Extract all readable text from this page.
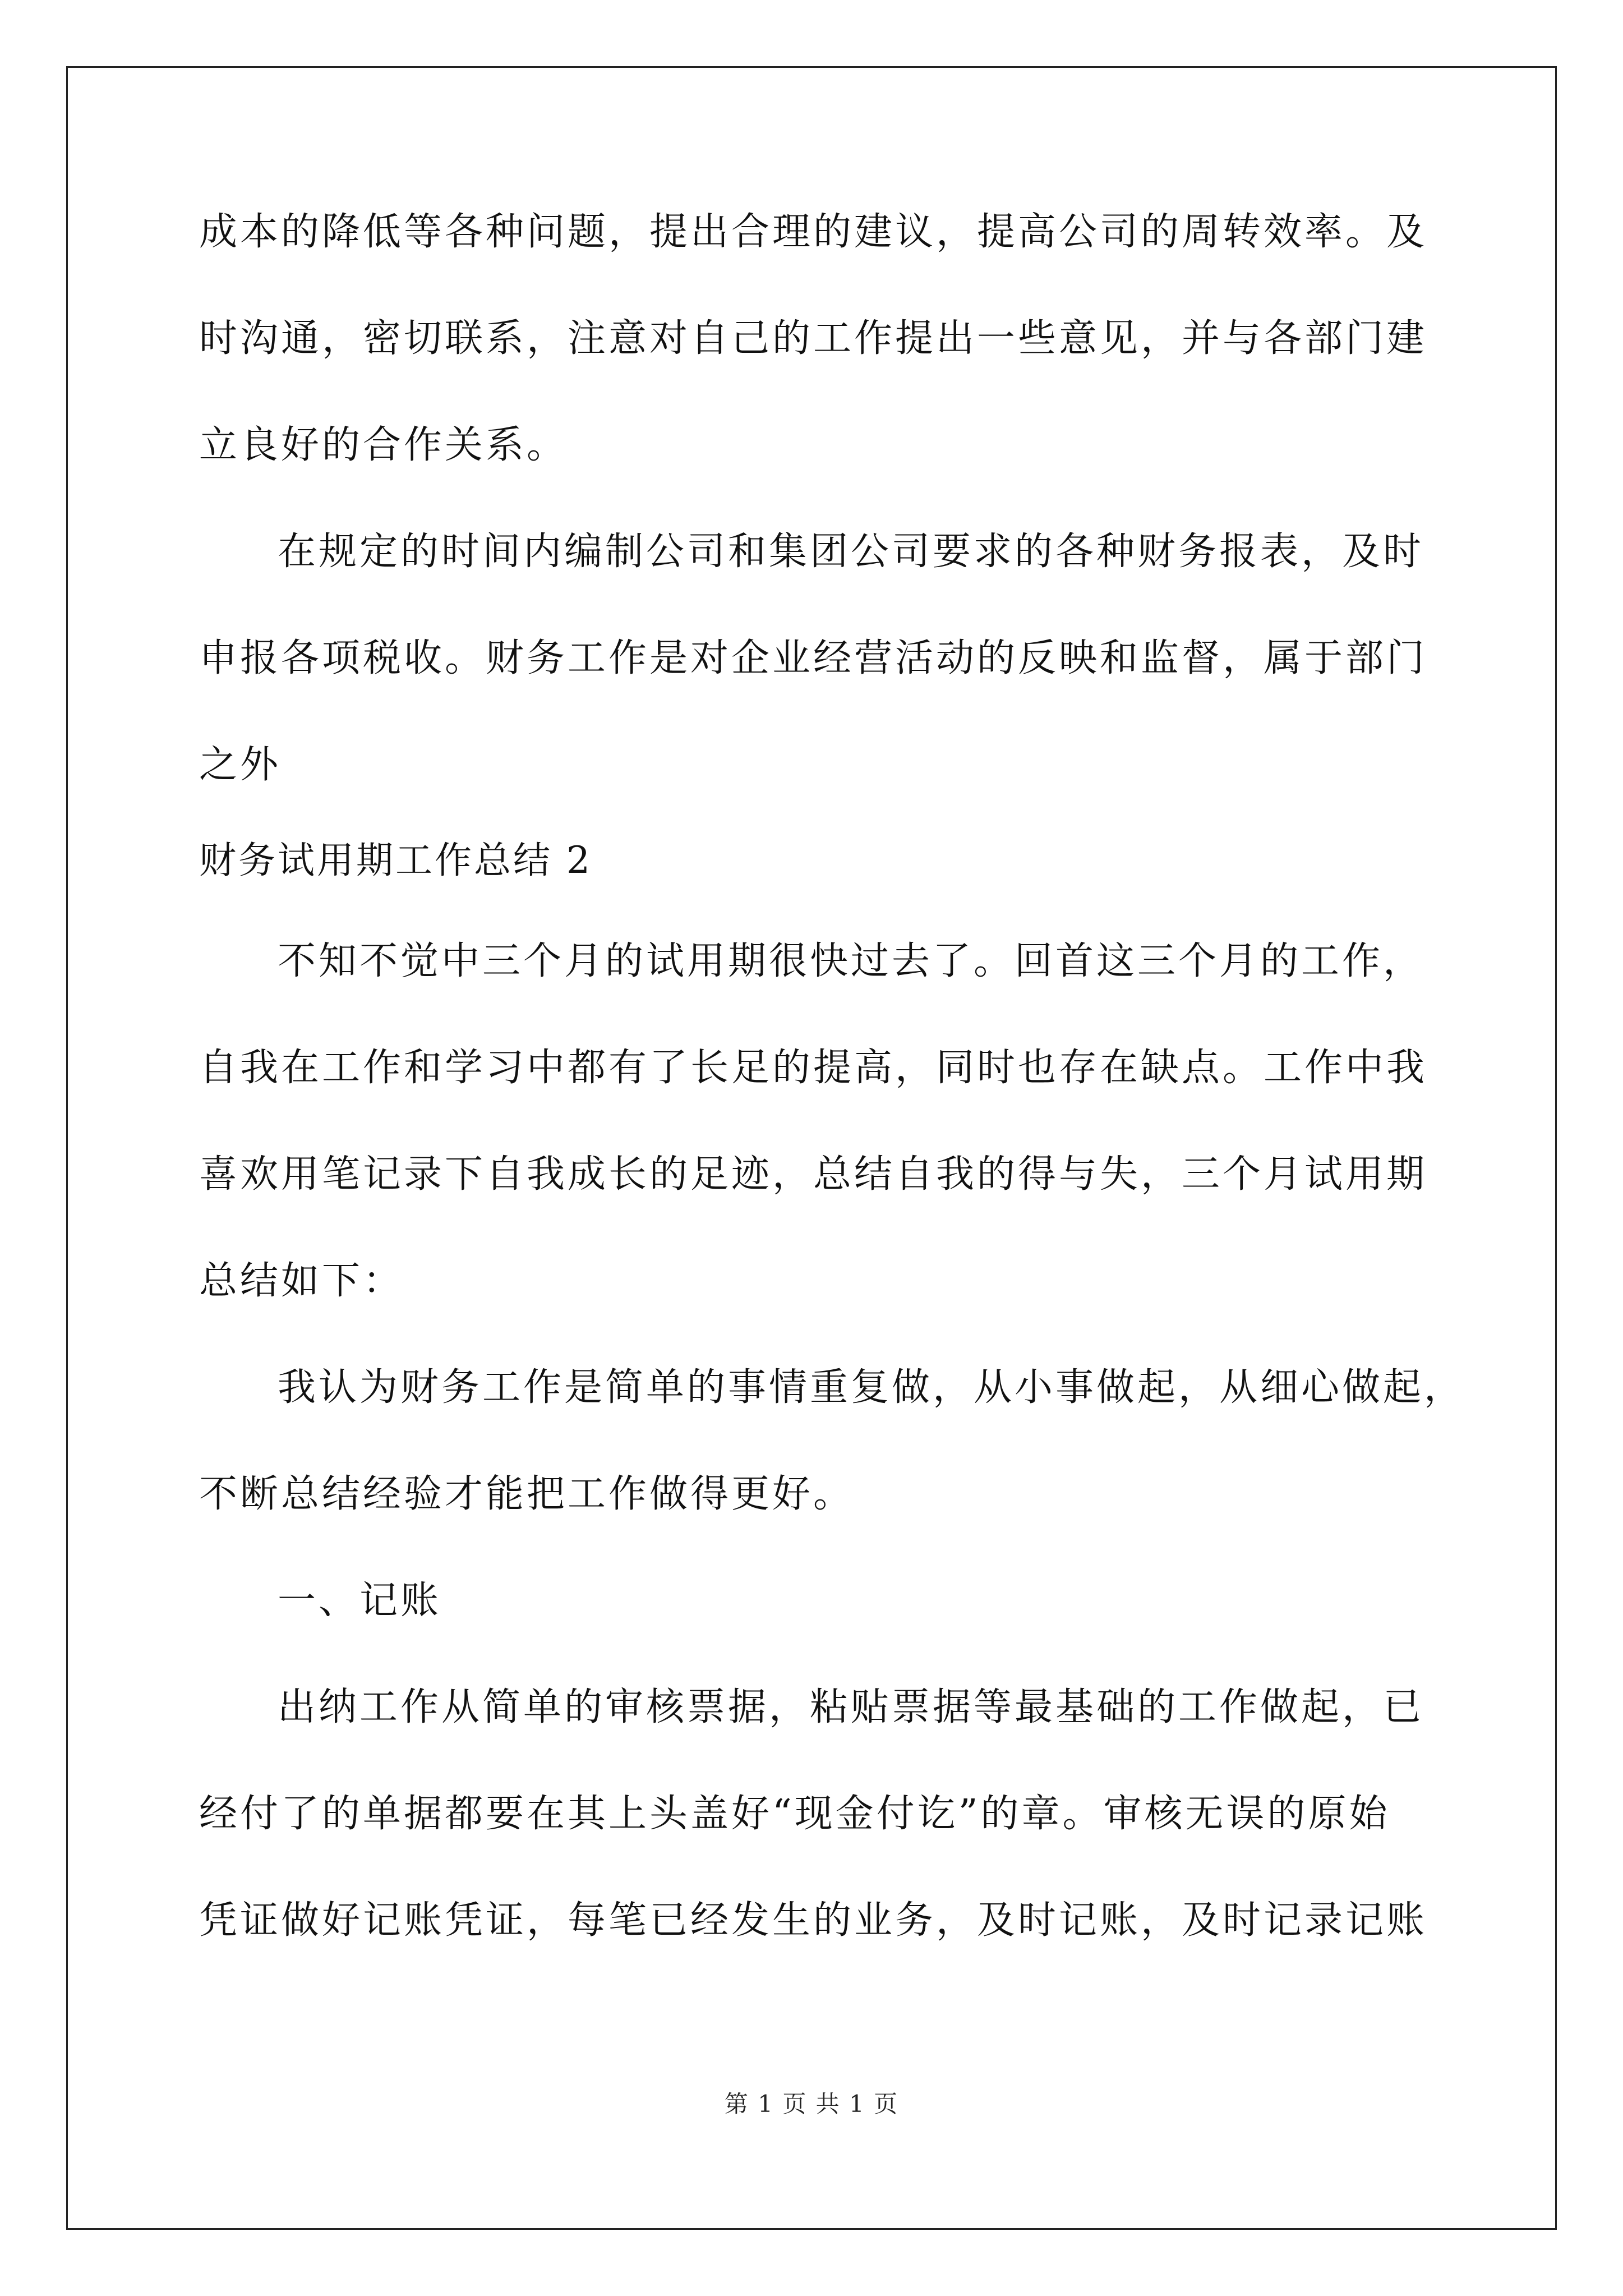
成本的降低等各种问题，提出合理的建议，提高公司的周转效率。及
时沟通，密切联系，注意对自己的工作提出一些意见，并与各部门建
立良好的合作关系。
在规定的时间内编制公司和集团公司要求的各种财务报表，及时
申报各项税收。财务工作是对企业经营活动的反映和监督，属于部门
之外
财务试用期工作总结 2
不知不觉中三个月的试用期很快过去了。回首这三个月的工作，
自我在工作和学习中都有了长足的提高，同时也存在缺点。工作中我
喜欢用笔记录下自我成长的足迹，总结自我的得与失，三个月试用期
总结如下：
我认为财务工作是简单的事情重复做，从小事做起，从细心做起，
不断总结经验才能把工作做得更好。
一、记账
出纳工作从简单的审核票据，粘贴票据等最基础的工作做起，已
经付了的单据都要在其上头盖好“现金付讫”的章。审核无误的原始
凭证做好记账凭证，每笔已经发生的业务，及时记账，及时记录记账
第 1 页 共 1 页
